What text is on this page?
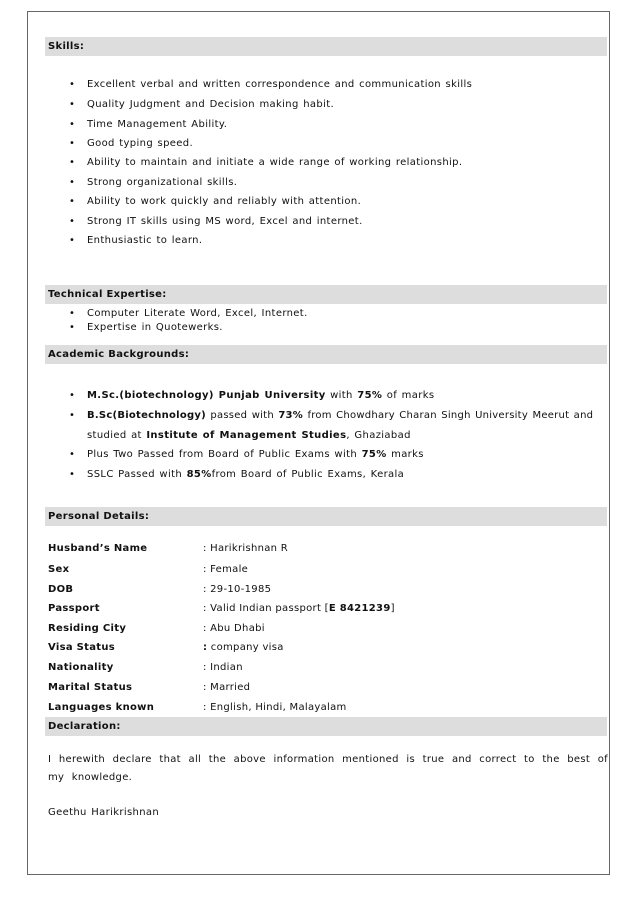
Skills:
• Excellent verbal and written correspondence and communication skills
• Quality Judgment and Decision making habit.
• Time Management Ability.
• Good typing speed.
• Ability to maintain and initiate a wide range of working relationship.
• Strong organizational skills.
• Ability to work quickly and reliably with attention.
• Strong IT skills using MS word, Excel and internet.
• Enthusiastic to learn.
Technical Expertise:
• Computer Literate Word, Excel, Internet.
• Expertise in Quotewerks.
Academic Backgrounds:
• M.Sc.(biotechnology) Punjab University with 75% of marks
• B.Sc(Biotechnology) passed with 73% from Chowdhary Charan Singh University Meerut and
studied at Institute of Management Studies, Ghaziabad
• Plus Two Passed from Board of Public Exams with 75% marks
• SSLC Passed with 85%from Board of Public Exams, Kerala
Personal Details:
Husband’s Name	: Harikrishnan R
Sex	: Female
DOB	: 29-10-1985
Passport	: Valid Indian passport [E 8421239]
Residing City	: Abu Dhabi
Visa Status	: company visa
Nationality	: Indian
Marital Status	: Married
Languages known	: English, Hindi, Malayalam
Declaration:
I herewith declare that all the above information mentioned is true and correct to the best of my knowledge.
Geethu Harikrishnan
